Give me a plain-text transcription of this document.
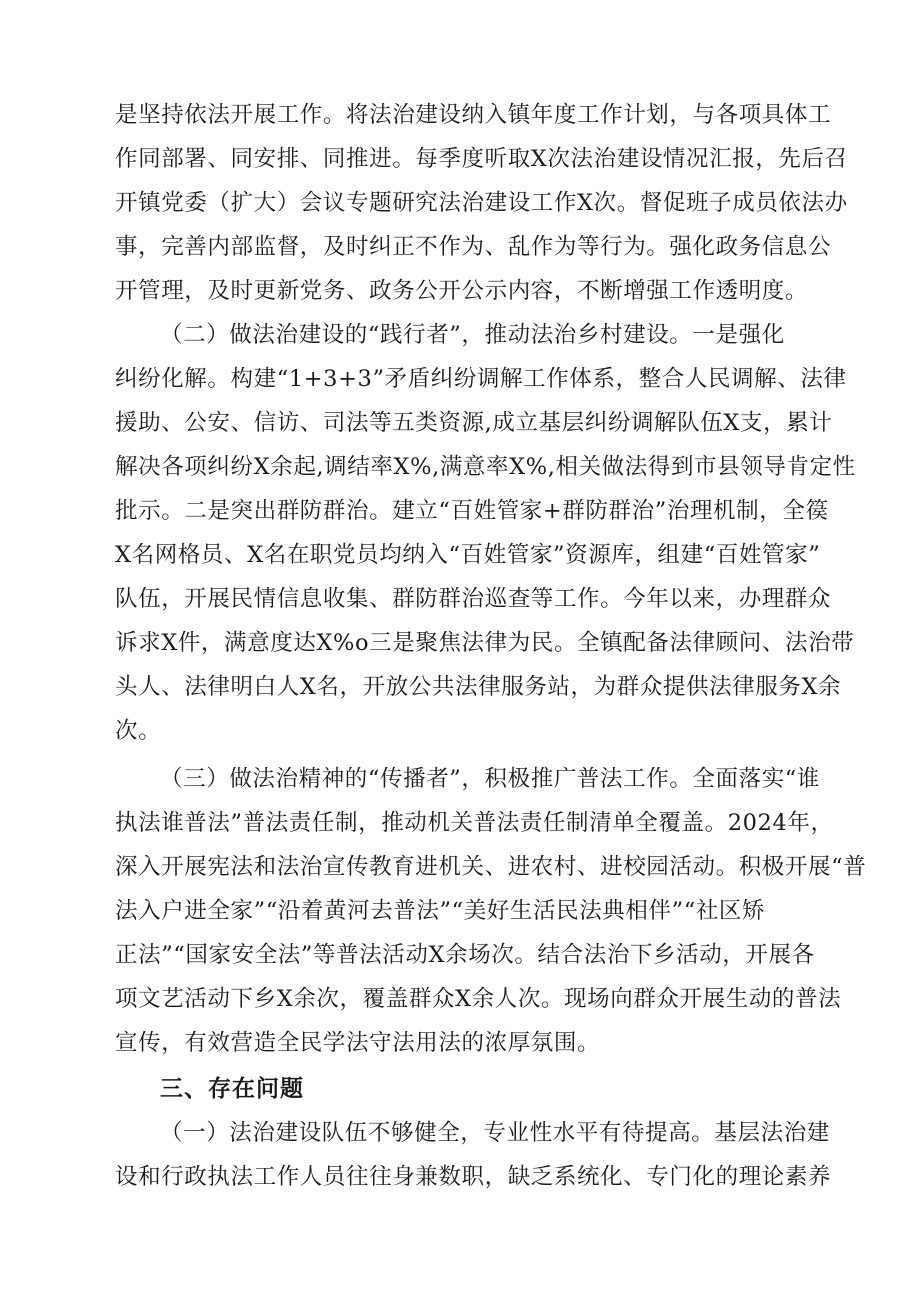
是坚持依法开展工作。将法治建设纳入镇年度工作计划，与各项具体工
作同部署、同安排、同推进。每季度听取X次法治建设情况汇报，先后召
开镇党委（扩大）会议专题研究法治建设工作X次。督促班子成员依法办
事，完善内部监督，及时纠正不作为、乱作为等行为。强化政务信息公
开管理，及时更新党务、政务公开公示内容，不断增强工作透明度。
（二）做法治建设的“践行者”，推动法治乡村建设。一是强化
纠纷化解。构建“1+3+3”矛盾纠纷调解工作体系，整合人民调解、法律
援助、公安、信访、司法等五类资源,成立基层纠纷调解队伍X支，累计
解决各项纠纷X余起,调结率X%,满意率X%,相关做法得到市县领导肯定性
批示。二是突出群防群治。建立“百姓管家+群防群治”治理机制，全篌
X名网格员、X名在职党员均纳入“百姓管家”资源库，组建“百姓管家”
队伍，开展民情信息收集、群防群治巡查等工作。今年以来，办理群众
诉求X件，满意度达X%o三是聚焦法律为民。全镇配备法律顾问、法治带
头人、法律明白人X名，开放公共法律服务站，为群众提供法律服务X余
次。
（三）做法治精神的“传播者”，积极推广普法工作。全面落实“谁
执法谁普法”普法责任制，推动机关普法责任制清单全覆盖。2024年，
深入开展宪法和法治宣传教育进机关、进农村、进校园活动。积极开展“普
法入户进全家”“沿着黄河去普法”“美好生活民法典相伴”“社区矫
正法”“国家安全法”等普法活动X余场次。结合法治下乡活动，开展各
项文艺活动下乡X余次，覆盖群众X余人次。现场向群众开展生动的普法
宣传，有效营造全民学法守法用法的浓厚氛围。
三、存在问题
（一）法治建设队伍不够健全，专业性水平有待提高。基层法治建
设和行政执法工作人员往往身兼数职，缺乏系统化、专门化的理论素养
